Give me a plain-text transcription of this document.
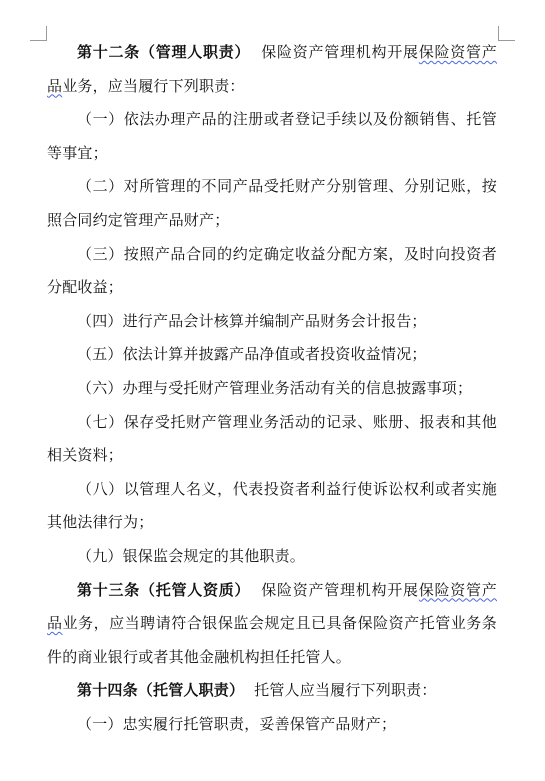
第十二条（管理人职责） 保险资产管理机构开展保险资管产品业务，应当履行下列职责：

（一）依法办理产品的注册或者登记手续以及份额销售、托管等事宜；

（二）对所管理的不同产品受托财产分别管理、分别记账，按照合同约定管理产品财产；

（三）按照产品合同的约定确定收益分配方案，及时向投资者分配收益；

（四）进行产品会计核算并编制产品财务会计报告；

（五）依法计算并披露产品净值或者投资收益情况；

（六）办理与受托财产管理业务活动有关的信息披露事项；

（七）保存受托财产管理业务活动的记录、账册、报表和其他相关资料；

（八）以管理人名义，代表投资者利益行使诉讼权利或者实施其他法律行为；

（九）银保监会规定的其他职责。

第十三条（托管人资质） 保险资产管理机构开展保险资管产品业务，应当聘请符合银保监会规定且已具备保险资产托管业务条件的商业银行或者其他金融机构担任托管人。

第十四条（托管人职责） 托管人应当履行下列职责：

（一）忠实履行托管职责，妥善保管产品财产；
